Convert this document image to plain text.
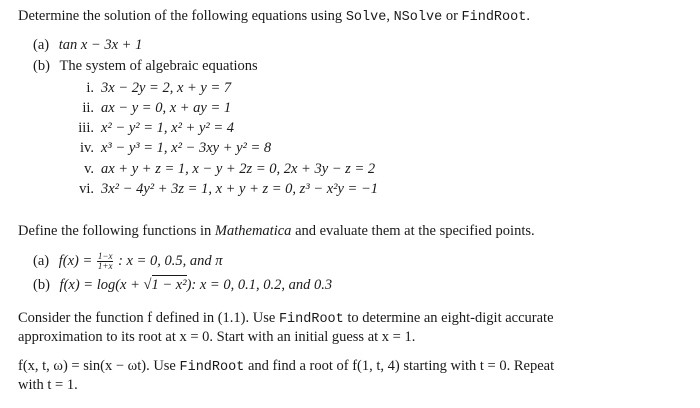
Determine the solution of the following equations using Solve, NSolve or FindRoot.
(a) tan x − 3x + 1
(b) The system of algebraic equations
i. 3x − 2y = 2, x + y = 7
ii. ax − y = 0, x + ay = 1
iii. x² − y² = 1, x² + y² = 4
iv. x³ − y³ = 1, x² − 3xy + y² = 8
v. ax + y + z = 1, x − y + 2z = 0, 2x + 3y − z = 2
vi. 3x² − 4y² + 3z = 1, x + y + z = 0, z³ − x²y = −1
Define the following functions in Mathematica and evaluate them at the specified points.
(a) $f(x) = \frac{1-x}{1+x}$ : x = 0, 0.5, and π
(b) f(x) = log(x + √1 − x²): x = 0, 0.1, 0.2, and 0.3
Consider the function f defined in (1.1). Use FindRoot to determine an eight-digit accurate
approximation to its root at x = 0. Start with an initial guess at x = 1.
f(x, t, ω) = sin(x − ωt). Use FindRoot and find a root of f(1, t, 4) starting with t = 0. Repeat
with t = 1.
